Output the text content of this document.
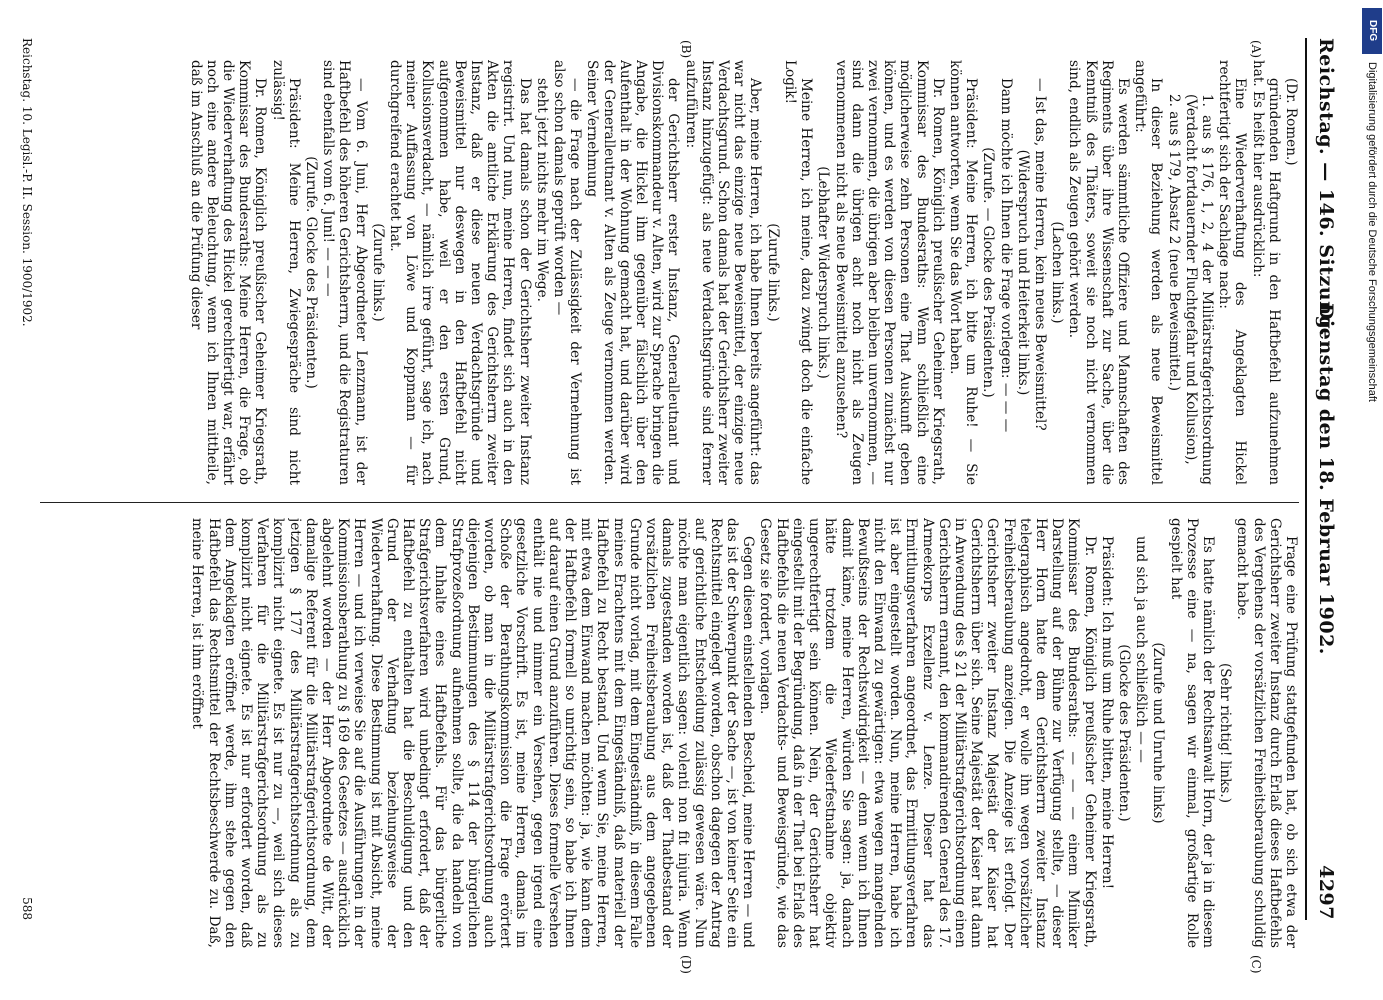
Reichstag. — 146. Sitzung.
Dienstag den 18. Februar 1902.
4297
(A)
(B)
(C)
(D)

(Dr. Romen.)

gründenden Haftgrund in den Haftbefehl aufzunehmen hat. Es heißt hier ausdrücklich:

Eine Wiederverhaftung des Angeklagten Hickel rechtfertigt sich der Sachlage nach:

1. aus § 176, 1, 2, 4 der Militärstrafgerichtsordnung (Verdacht fortdauernder Fluchtgefahr und Kollusion),

2. aus § 179, Absatz 2 (neue Beweismittel.)

In dieser Beziehung werden als neue Beweismittel angeführt:

Es werden sämmtliche Offiziere und Mannschaften des Regiments über ihre Wissenschaft zur Sache, über die Kenntniß des Thäters, soweit sie noch nicht vernommen sind, endlich als Zeugen gehört werden.

(Lachen links.)

— Ist das, meine Herren, kein neues Beweismittel?

(Widerspruch und Heiterkeit links.)

Dann möchte ich Ihnen die Frage vorlegen: — — —

(Zurufe. — Glocke des Präsidenten.)

Präsident: Meine Herren, ich bitte um Ruhe! — Sie können antworten, wenn Sie das Wort haben.

Dr. Romen, Königlich preußischer Geheimer Kriegsrath, Kommissar des Bundesraths: Wenn schließlich eine möglicherweise zehn Personen eine That Auskunft geben können, und es werden von diesen Personen zunächst nur zwei vernommen, die übrigen aber bleiben unvernommen, — sind dann die übrigen acht noch nicht als Zeugen vernommenen nicht als neue Beweismittel anzusehen?

(Lebhafter Widerspruch links.)

Meine Herren, ich meine, dazu zwingt doch die einfache Logik!

(Zurufe links.)

Aber, meine Herren, ich habe Ihnen bereits angeführt: das war nicht das einzige neue Beweismittel, der einzige neue Verdachtsgrund. Schon damals hat der Gerichtsherr zweiter Instanz hinzugefügt: als neue Verdachtsgründe sind ferner aufzuführen:

der Gerichtsherr erster Instanz, Generalleutnant und Divisionskommandeur v. Alten, wird zur Sprache bringen die Angabe, die Hickel ihm gegenüber fälschlich über den Aufenthalt in der Wohnung gemacht hat, und darüber wird der Generalleutnant v. Alten als Zeuge vernommen werden. Seiner Vernehmung

— die Frage nach der Zulässigkeit der Vernehmung ist also schon damals geprüft worden —

steht jetzt nichts mehr im Wege.

Das hat damals schon der Gerichtsherr zweiter Instanz registrirt. Und nun, meine Herren, findet sich auch in den Akten die amtliche Erklärung des Gerichtsherrn zweiter Instanz, daß er diese neuen Verdachtsgründe und Beweismittel nur deswegen in den Haftbefehl nicht aufgenommen habe, weil er den ersten Grund, Kollusionsverdacht, — nämlich irre geführt, sage ich, nach meiner Auffassung von Löwe und Koppmann — für durchgreifend erachtet hat.

(Zurufe links.)

— Vom 6. Juni, Herr Abgeordneter Lenzmann, ist der Haftbefehl des höheren Gerichtsherrn, und die Registraturen sind ebenfalls vom 6. Juni! — — —

(Zurufe. Glocke des Präsidenten.)

Präsident: Meine Herren, Zwiegespräche sind nicht zulässig!

Dr. Romen, Königlich preußischer Geheimer Kriegsrath, Kommissar des Bundesraths: Meine Herren, die Frage, ob die Wiederverhaftung des Hickel gerechtfertigt war, erfährt noch eine andere Beleuchtung, wenn ich Ihnen mittheile, daß im Anschluß an die Prüfung dieser

Frage eine Prüfung stattgefunden hat, ob sich etwa der Gerichtsherr zweiter Instanz durch Erlaß dieses Haftbefehls des Vergehens der vorsätzlichen Freiheitsberaubung schuldig gemacht habe.

(Sehr richtig! links.)

Es hatte nämlich der Rechtsanwalt Horn, der ja in diesem Prozesse eine — na, sagen wir einmal, großartige Rolle gespielt hat

(Zurufe und Unruhe links)

und sich ja auch schließlich — —

(Glocke des Präsidenten.)

Präsident: Ich muß um Ruhe bitten, meine Herren!

Dr. Romen, Königlich preußischer Geheimer Kriegsrath, Kommissar des Bundesraths: — — — einem Mimiker Darstellung auf der Bühne zur Verfügung stellte, — dieser Herr Horn hatte dem Gerichtsherrn zweiter Instanz telegraphisch angedroht, er wolle ihn wegen vorsätzlicher Freiheitsberaubung anzeigen. Die Anzeige ist erfolgt. Der Gerichtsherr zweiter Instanz Majestät der Kaiser hat Gerichtsherrn über sich. Seine Majestät der Kaiser hat dann in Anwendung des § 21 der Militärstrafgerichtsordnung einen Gerichtsherrn ernannt, den kommandirenden General des 17. Armeekorps Exzellenz v. Lenze. Dieser hat das Ermittlungsverfahren angeordnet, das Ermittlungsverfahren ist aber eingestellt worden. Nun, meine Herren, habe ich nicht den Einwand zu gewärtigen: etwa wegen mangelnden Bewußtseins der Rechtswidrigkeit — denn wenn ich Ihnen damit käme, meine Herren, würden Sie sagen: ja, danach hätte trotzdem die Wiederfestnahme objektiv ungerechtfertigt sein können. Nein, der Gerichtsherr hat eingestellt mit der Begründung, daß in der That bei Erlaß des Haftbefehls die neuen Verdachts- und Beweisgründe, wie das Gesetz sie fordert, vorlagen.

Gegen diesen einstellenden Bescheid, meine Herren — und das ist der Schwerpunkt der Sache —, ist von keiner Seite ein Rechtsmittel eingelegt worden, obschon dagegen der Antrag auf gerichtliche Entscheidung zulässig gewesen wäre. Nun möchte man eigentlich sagen: volenti non fit injuria. Wenn damals zugestanden worden ist, daß der Thatbestand der vorsätzlichen Freiheitsberaubung aus dem angegebenen Grunde nicht vorlag, mit dem Eingeständniß, in diesem Falle meines Erachtens mit dem Eingeständniß, daß materiell der Haftbefehl zu Recht bestand. Und wenn Sie, meine Herren, mit etwa dem Einwand machen möchten: ja, wie kann dem der Haftbefehl formell so unrichtig sein, so habe ich Ihnen auf darauf einen Grund anzuführen. Dieses formelle Versehen enthält nie und nimmer ein Versehen, gegen irgend eine gesetzliche Vorschrift. Es ist, meine Herren, damals im Schoße der Berathungskommission die Frage erörtert worden, ob man in die Militärstrafgerichtsordnung auch diejenigen Bestimmungen des § 114 der bürgerlichen Strafprozeßordnung aufnehmen sollte, die da handeln von dem Inhalte eines Haftbefehls. Für das bürgerliche Strafgerichtsverfahren wird unbedingt erfordert, daß der Haftbefehl zu enthalten hat die Beschuldigung und den Grund der Verhaftung beziehungsweise der Wiederverhaftung. Diese Bestimmung ist mit Absicht, meine Herren — und ich verweise Sie auf die Ausführungen in der Kommissionsberathung zu § 169 des Gesetzes — ausdrücklich abgelehnt worden — der Herr Abgeordnete de Witt, der damalige Referent für die Militärstrafgerichtsordnung, dem jetzigen § 177 des Militärstrafgerichtsordnung als zu komplizirt nicht eignete. Es ist nur zu —, weil sich dieses Verfahren für die Militärstrafgerichtsordnung als zu komplizirt nicht eignete. Es ist nur erfordert worden, daß dem Angeklagten eröffnet werde, ihm stehe gegen den Haftbefehl das Rechtsmittel der Rechtsbeschwerde zu. Daß, meine Herren, ist ihm eröffnet

Reichstag. 10. Legisl.-P. II. Session. 1900/1902.
588
DFG
Digitalisierung gefördert durch die Deutsche Forschungsgemeinschaft
